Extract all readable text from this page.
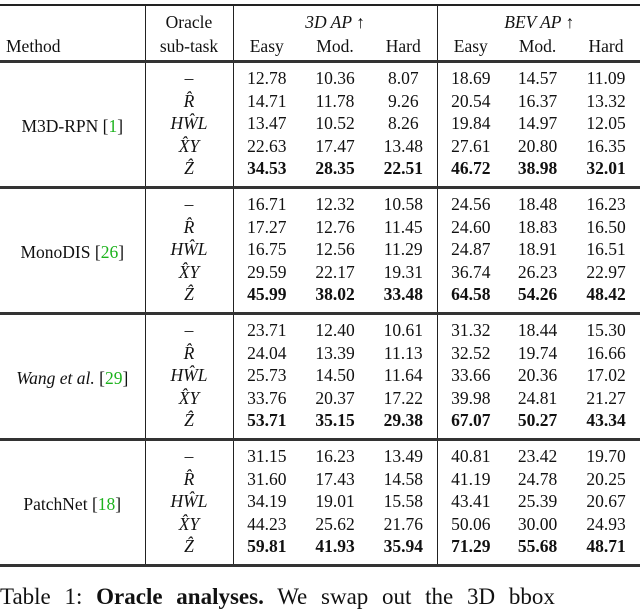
	Oracle	3D AP ↑			BEV AP ↑		
Method	sub-task	Easy	Mod.	Hard	Easy	Mod.	Hard
M3D-RPN [1]	–	12.78	10.36	8.07	18.69	14.57	11.09
	R̂	14.71	11.78	9.26	20.54	16.37	13.32
	HŴL	13.47	10.52	8.26	19.84	14.97	12.05
	X̂Y	22.63	17.47	13.48	27.61	20.80	16.35
	Ẑ	34.53	28.35	22.51	46.72	38.98	32.01
MonoDIS [26]	–	16.71	12.32	10.58	24.56	18.48	16.23
	R̂	17.27	12.76	11.45	24.60	18.83	16.50
	HŴL	16.75	12.56	11.29	24.87	18.91	16.51
	X̂Y	29.59	22.17	19.31	36.74	26.23	22.97
	Ẑ	45.99	38.02	33.48	64.58	54.26	48.42
Wang et al. [29]	–	23.71	12.40	10.61	31.32	18.44	15.30
	R̂	24.04	13.39	11.13	32.52	19.74	16.66
	HŴL	25.73	14.50	11.64	33.66	20.36	17.02
	X̂Y	33.76	20.37	17.22	39.98	24.81	21.27
	Ẑ	53.71	35.15	29.38	67.07	50.27	43.34
PatchNet [18]	–	31.15	16.23	13.49	40.81	23.42	19.70
	R̂	31.60	17.43	14.58	41.19	24.78	20.25
	HŴL	34.19	19.01	15.58	43.41	25.39	20.67
	X̂Y	44.23	25.62	21.76	50.06	30.00	24.93
	Ẑ	59.81	41.93	35.94	71.29	55.68	48.71
Table 1: Oracle analyses. We swap out the 3D bbox
